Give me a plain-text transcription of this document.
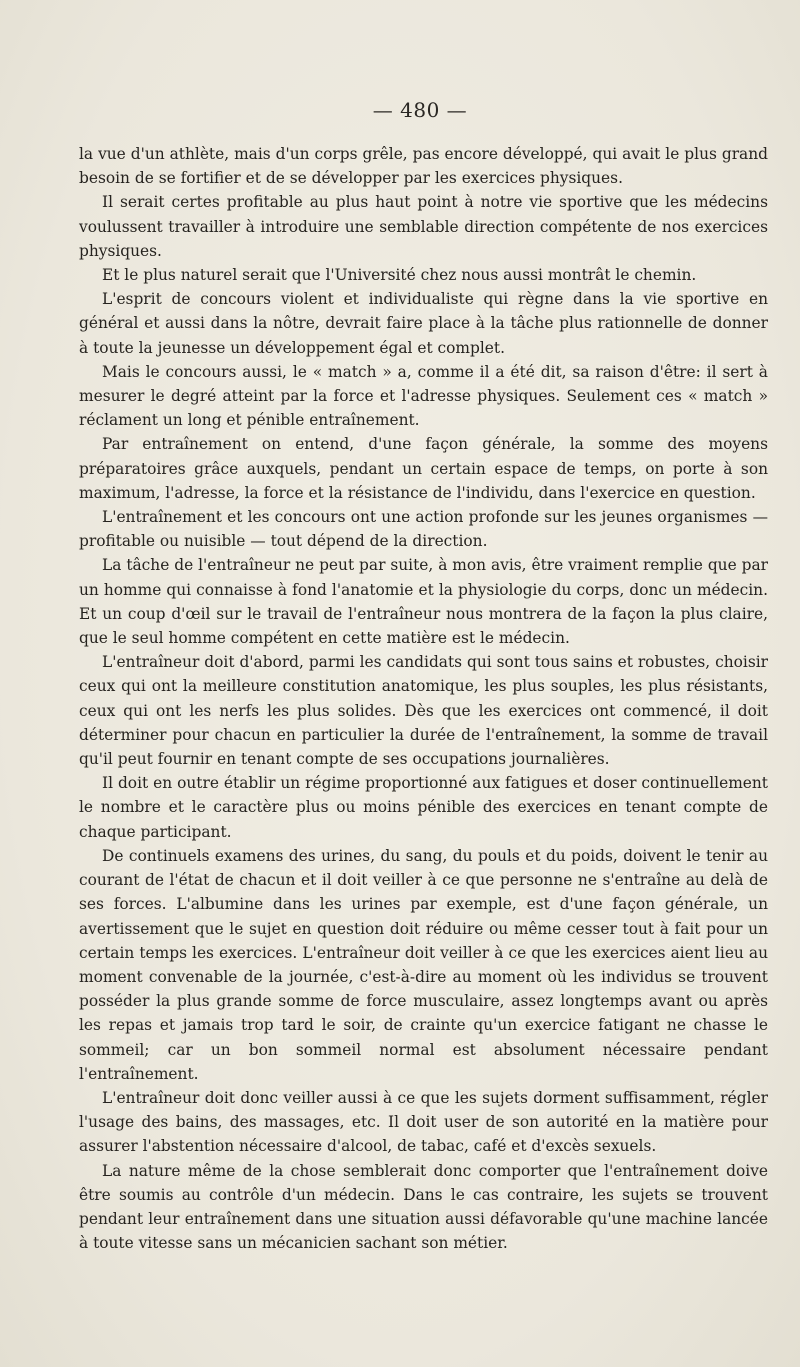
— 480 —

la vue d'un athlète, mais d'un corps grêle, pas encore développé, qui avait le plus grand besoin de se fortifier et de se développer par les exercices physiques.

Il serait certes profitable au plus haut point à notre vie sportive que les médecins voulussent travailler à introduire une semblable direction compétente de nos exercices physiques.

Et le plus naturel serait que l'Université chez nous aussi montrât le chemin.

L'esprit de concours violent et individualiste qui règne dans la vie sportive en général et aussi dans la nôtre, devrait faire place à la tâche plus rationnelle de donner à toute la jeunesse un développement égal et complet.

Mais le concours aussi, le « match » a, comme il a été dit, sa raison d'être: il sert à mesurer le degré atteint par la force et l'adresse physiques. Seulement ces « match » réclament un long et pénible entraînement.

Par entraînement on entend, d'une façon générale, la somme des moyens préparatoires grâce auxquels, pendant un certain espace de temps, on porte à son maximum, l'adresse, la force et la résistance de l'individu, dans l'exercice en question.

L'entraînement et les concours ont une action profonde sur les jeunes organismes — profitable ou nuisible — tout dépend de la direction.

La tâche de l'entraîneur ne peut par suite, à mon avis, être vraiment remplie que par un homme qui connaisse à fond l'anatomie et la physiologie du corps, donc un médecin. Et un coup d'œil sur le travail de l'entraîneur nous montrera de la façon la plus claire, que le seul homme compétent en cette matière est le médecin.

L'entraîneur doit d'abord, parmi les candidats qui sont tous sains et robustes, choisir ceux qui ont la meilleure constitution anatomique, les plus souples, les plus résistants, ceux qui ont les nerfs les plus solides. Dès que les exercices ont commencé, il doit déterminer pour chacun en particulier la durée de l'entraînement, la somme de travail qu'il peut fournir en tenant compte de ses occupations journalières.

Il doit en outre établir un régime proportionné aux fatigues et doser continuellement le nombre et le caractère plus ou moins pénible des exercices en tenant compte de chaque participant.

De continuels examens des urines, du sang, du pouls et du poids, doivent le tenir au courant de l'état de chacun et il doit veiller à ce que personne ne s'entraîne au delà de ses forces. L'albumine dans les urines par exemple, est d'une façon générale, un avertissement que le sujet en question doit réduire ou même cesser tout à fait pour un certain temps les exercices. L'entraîneur doit veiller à ce que les exercices aient lieu au moment convenable de la journée, c'est-à-dire au moment où les individus se trouvent posséder la plus grande somme de force musculaire, assez longtemps avant ou après les repas et jamais trop tard le soir, de crainte qu'un exercice fatigant ne chasse le sommeil; car un bon sommeil normal est absolument nécessaire pendant l'entraînement.

L'entraîneur doit donc veiller aussi à ce que les sujets dorment suffisamment, régler l'usage des bains, des massages, etc. Il doit user de son autorité en la matière pour assurer l'abstention nécessaire d'alcool, de tabac, café et d'excès sexuels.

La nature même de la chose semblerait donc comporter que l'entraînement doive être soumis au contrôle d'un médecin. Dans le cas contraire, les sujets se trouvent pendant leur entraînement dans une situation aussi défavorable qu'une machine lancée à toute vitesse sans un mécanicien sachant son métier.
